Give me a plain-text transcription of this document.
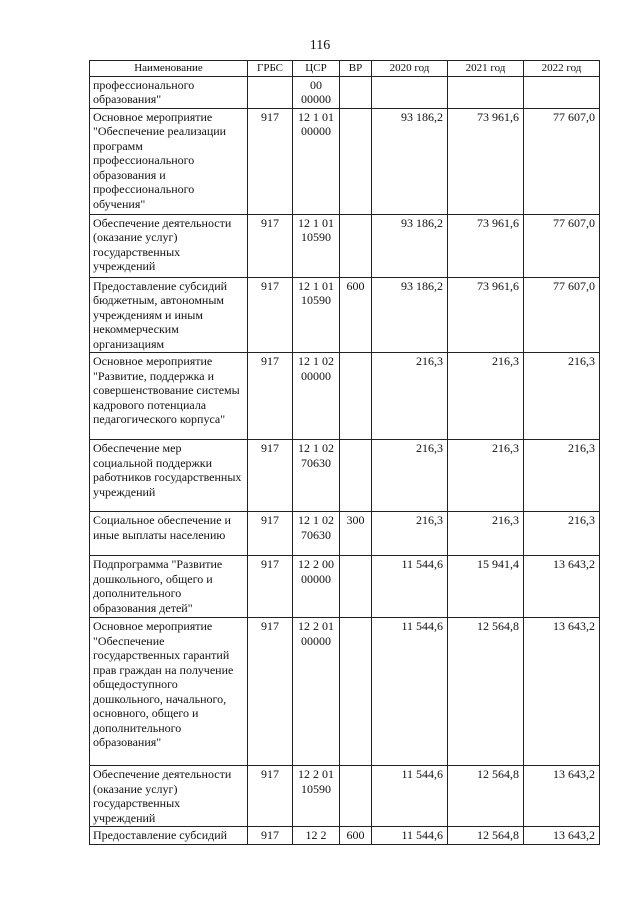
116
Наименование	ГРБС	ЦСР	ВР	2020 год	2021 год	2022 год
профессионального образования"		00 00000				
Основное мероприятие "Обеспечение реализации программ профессионального образования и профессионального обучения"	917	12 1 01 00000		93 186,2	73 961,6	77 607,0
Обеспечение деятельности (оказание услуг) государственных учреждений	917	12 1 01 10590		93 186,2	73 961,6	77 607,0
Предоставление субсидий бюджетным, автономным учреждениям и иным некоммерческим организациям	917	12 1 01 10590	600	93 186,2	73 961,6	77 607,0
Основное мероприятие "Развитие, поддержка и совершенствование системы кадрового потенциала педагогического корпуса"	917	12 1 02 00000		216,3	216,3	216,3
Обеспечение мер социальной поддержки работников государственных учреждений	917	12 1 02 70630		216,3	216,3	216,3
Социальное обеспечение и иные выплаты населению	917	12 1 02 70630	300	216,3	216,3	216,3
Подпрограмма "Развитие дошкольного, общего и дополнительного образования детей"	917	12 2 00 00000		11 544,6	15 941,4	13 643,2
Основное мероприятие "Обеспечение государственных гарантий прав граждан на получение общедоступного дошкольного, начального, основного, общего и дополнительного образования"	917	12 2 01 00000		11 544,6	12 564,8	13 643,2
Обеспечение деятельности (оказание услуг) государственных учреждений	917	12 2 01 10590		11 544,6	12 564,8	13 643,2
Предоставление субсидий	917	12 2	600	11 544,6	12 564,8	13 643,2
